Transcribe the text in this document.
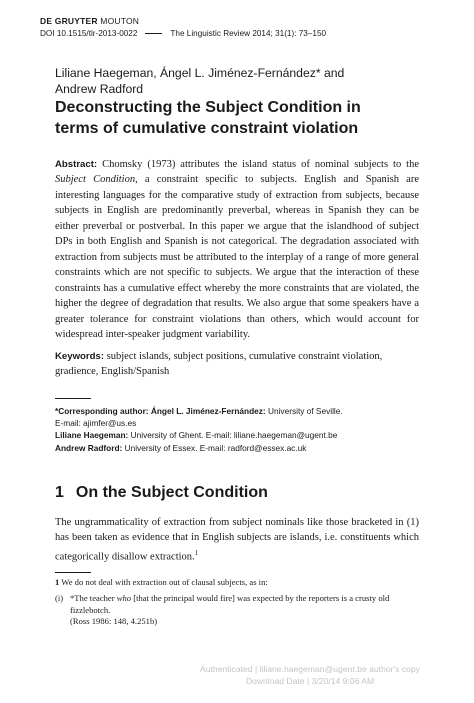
DE GRUYTER MOUTON
DOI 10.1515/tlr-2013-0022	The Linguistic Review 2014; 31(1): 73–150
Liliane Haegeman, Ángel L. Jiménez-Fernández* and
Andrew Radford
Deconstructing the Subject Condition in
terms of cumulative constraint violation
Abstract: Chomsky (1973) attributes the island status of nominal subjects to the Subject Condition, a constraint specific to subjects. English and Spanish are interesting languages for the comparative study of extraction from subjects, because subjects in English are predominantly preverbal, whereas in Spanish they can be either preverbal or postverbal. In this paper we argue that the islandhood of subject DPs in both English and Spanish is not categorical. The degradation associated with extraction from subjects must be attributed to the interplay of a range of more general constraints which are not specific to subjects. We argue that the interaction of these constraints has a cumulative effect whereby the more constraints that are violated, the higher the degree of degradation that results. We also argue that some speakers have a greater tolerance for constraint violations than others, which would account for widespread inter-speaker judgment variability.
Keywords: subject islands, subject positions, cumulative constraint violation, gradience, English/Spanish
*Corresponding author: Ángel L. Jiménez-Fernández: University of Seville.
E-mail: ajimfer@us.es
Liliane Haegeman: University of Ghent. E-mail: liliane.haegeman@ugent.be
Andrew Radford: University of Essex. E-mail: radford@essex.ac.uk
1 On the Subject Condition
The ungrammaticality of extraction from subject nominals like those bracketed in (1) has been taken as evidence that in English subjects are islands, i.e. constituents which categorically disallow extraction.$^1$
1 We do not deal with extraction out of clausal subjects, as in:
(i) *The teacher who [that the principal would fire] was expected by the reporters is a crusty old fizzlebotch.
(Ross 1986: 148, 4.251b)
Authenticated | liliane.haegeman@ugent.be author's copy
Download Date | 3/20/14 9:06 AM
